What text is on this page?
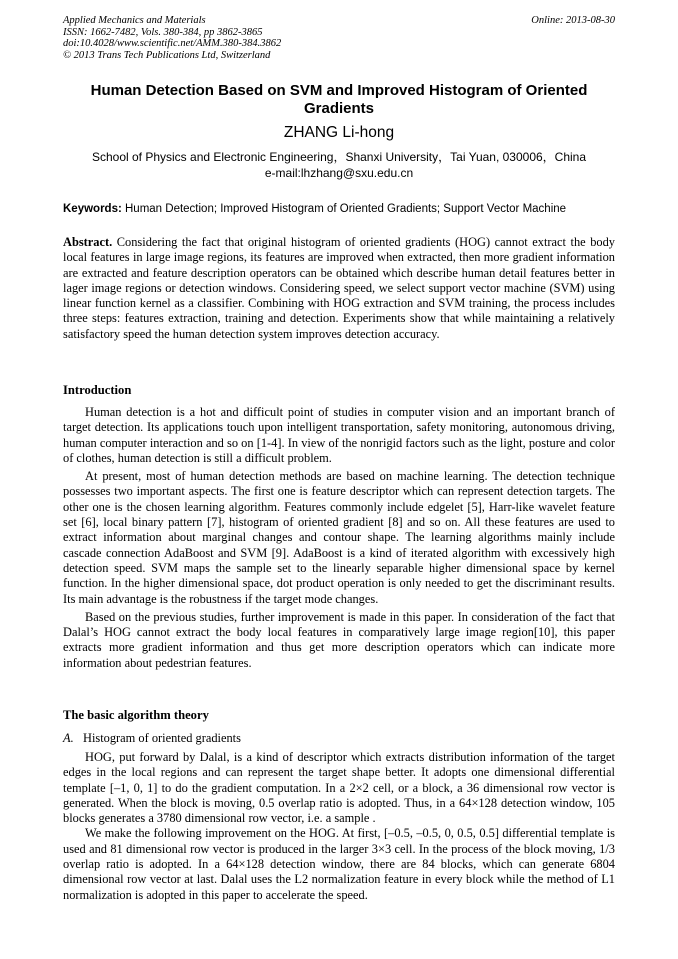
Applied Mechanics and Materials
ISSN: 1662-7482, Vols. 380-384, pp 3862-3865
doi:10.4028/www.scientific.net/AMM.380-384.3862
© 2013 Trans Tech Publications Ltd, Switzerland
Online: 2013-08-30
Human Detection Based on SVM and Improved Histogram of Oriented Gradients
ZHANG Li-hong
School of Physics and Electronic Engineering，Shanxi University，Tai Yuan, 030006，China
e-mail:lhzhang@sxu.edu.cn
Keywords: Human Detection; Improved Histogram of Oriented Gradients; Support Vector Machine

Abstract. Considering the fact that original histogram of oriented gradients (HOG) cannot extract the body local features in large image regions, its features are improved when extracted, then more gradient information are extracted and feature description operators can be obtained which describe human detail features better in lager image regions or detection windows. Considering speed, we select support vector machine (SVM) using linear function kernel as a classifier. Combining with HOG extraction and SVM training, the process includes three steps: features extraction, training and detection. Experiments show that while maintaining a relatively satisfactory speed the human detection system improves detection accuracy.

Introduction

Human detection is a hot and difficult point of studies in computer vision and an important branch of target detection. Its applications touch upon intelligent transportation, safety monitoring, autonomous driving, human computer interaction and so on [1-4]. In view of the nonrigid factors such as the light, posture and color of clothes, human detection is still a difficult problem.

At present, most of human detection methods are based on machine learning. The detection technique possesses two important aspects. The first one is feature descriptor which can represent detection targets. The other one is the chosen learning algorithm. Features commonly include edgelet [5], Harr-like wavelet feature set [6], local binary pattern [7], histogram of oriented gradient [8] and so on. All these features are used to extract information about marginal changes and contour shape. The learning algorithms mainly include cascade connection AdaBoost and SVM [9]. AdaBoost is a kind of iterated algorithm with excessively high detection speed. SVM maps the sample set to the linearly separable higher dimensional space by kernel function. In the higher dimensional space, dot product operation is only needed to get the discriminant results. Its main advantage is the robustness if the target mode changes.

Based on the previous studies, further improvement is made in this paper. In consideration of the fact that Dalal’s HOG cannot extract the body local features in comparatively large image region[10], this paper extracts more gradient information and thus get more description operators which can indicate more information about pedestrian features.

The basic algorithm theory
A. Histogram of oriented gradients

HOG, put forward by Dalal, is a kind of descriptor which extracts distribution information of the target edges in the local regions and can represent the target shape better. It adopts one dimensional differential template [–1, 0, 1] to do the gradient computation. In a 2×2 cell, or a block, a 36 dimensional row vector is generated. When the block is moving, 0.5 overlap ratio is adopted. Thus, in a 64×128 detection window, 105 blocks generates a 3780 dimensional row vector, i.e. a sample .

We make the following improvement on the HOG. At first, [–0.5, –0.5, 0, 0.5, 0.5] differential template is used and 81 dimensional row vector is produced in the larger 3×3 cell. In the process of the block moving, 1/3 overlap ratio is adopted. In a 64×128 detection window, there are 84 blocks, which can generate 6804 dimensional row vector at last. Dalal uses the L2 normalization feature in every block while the method of L1 normalization is adopted in this paper to accelerate the speed.
